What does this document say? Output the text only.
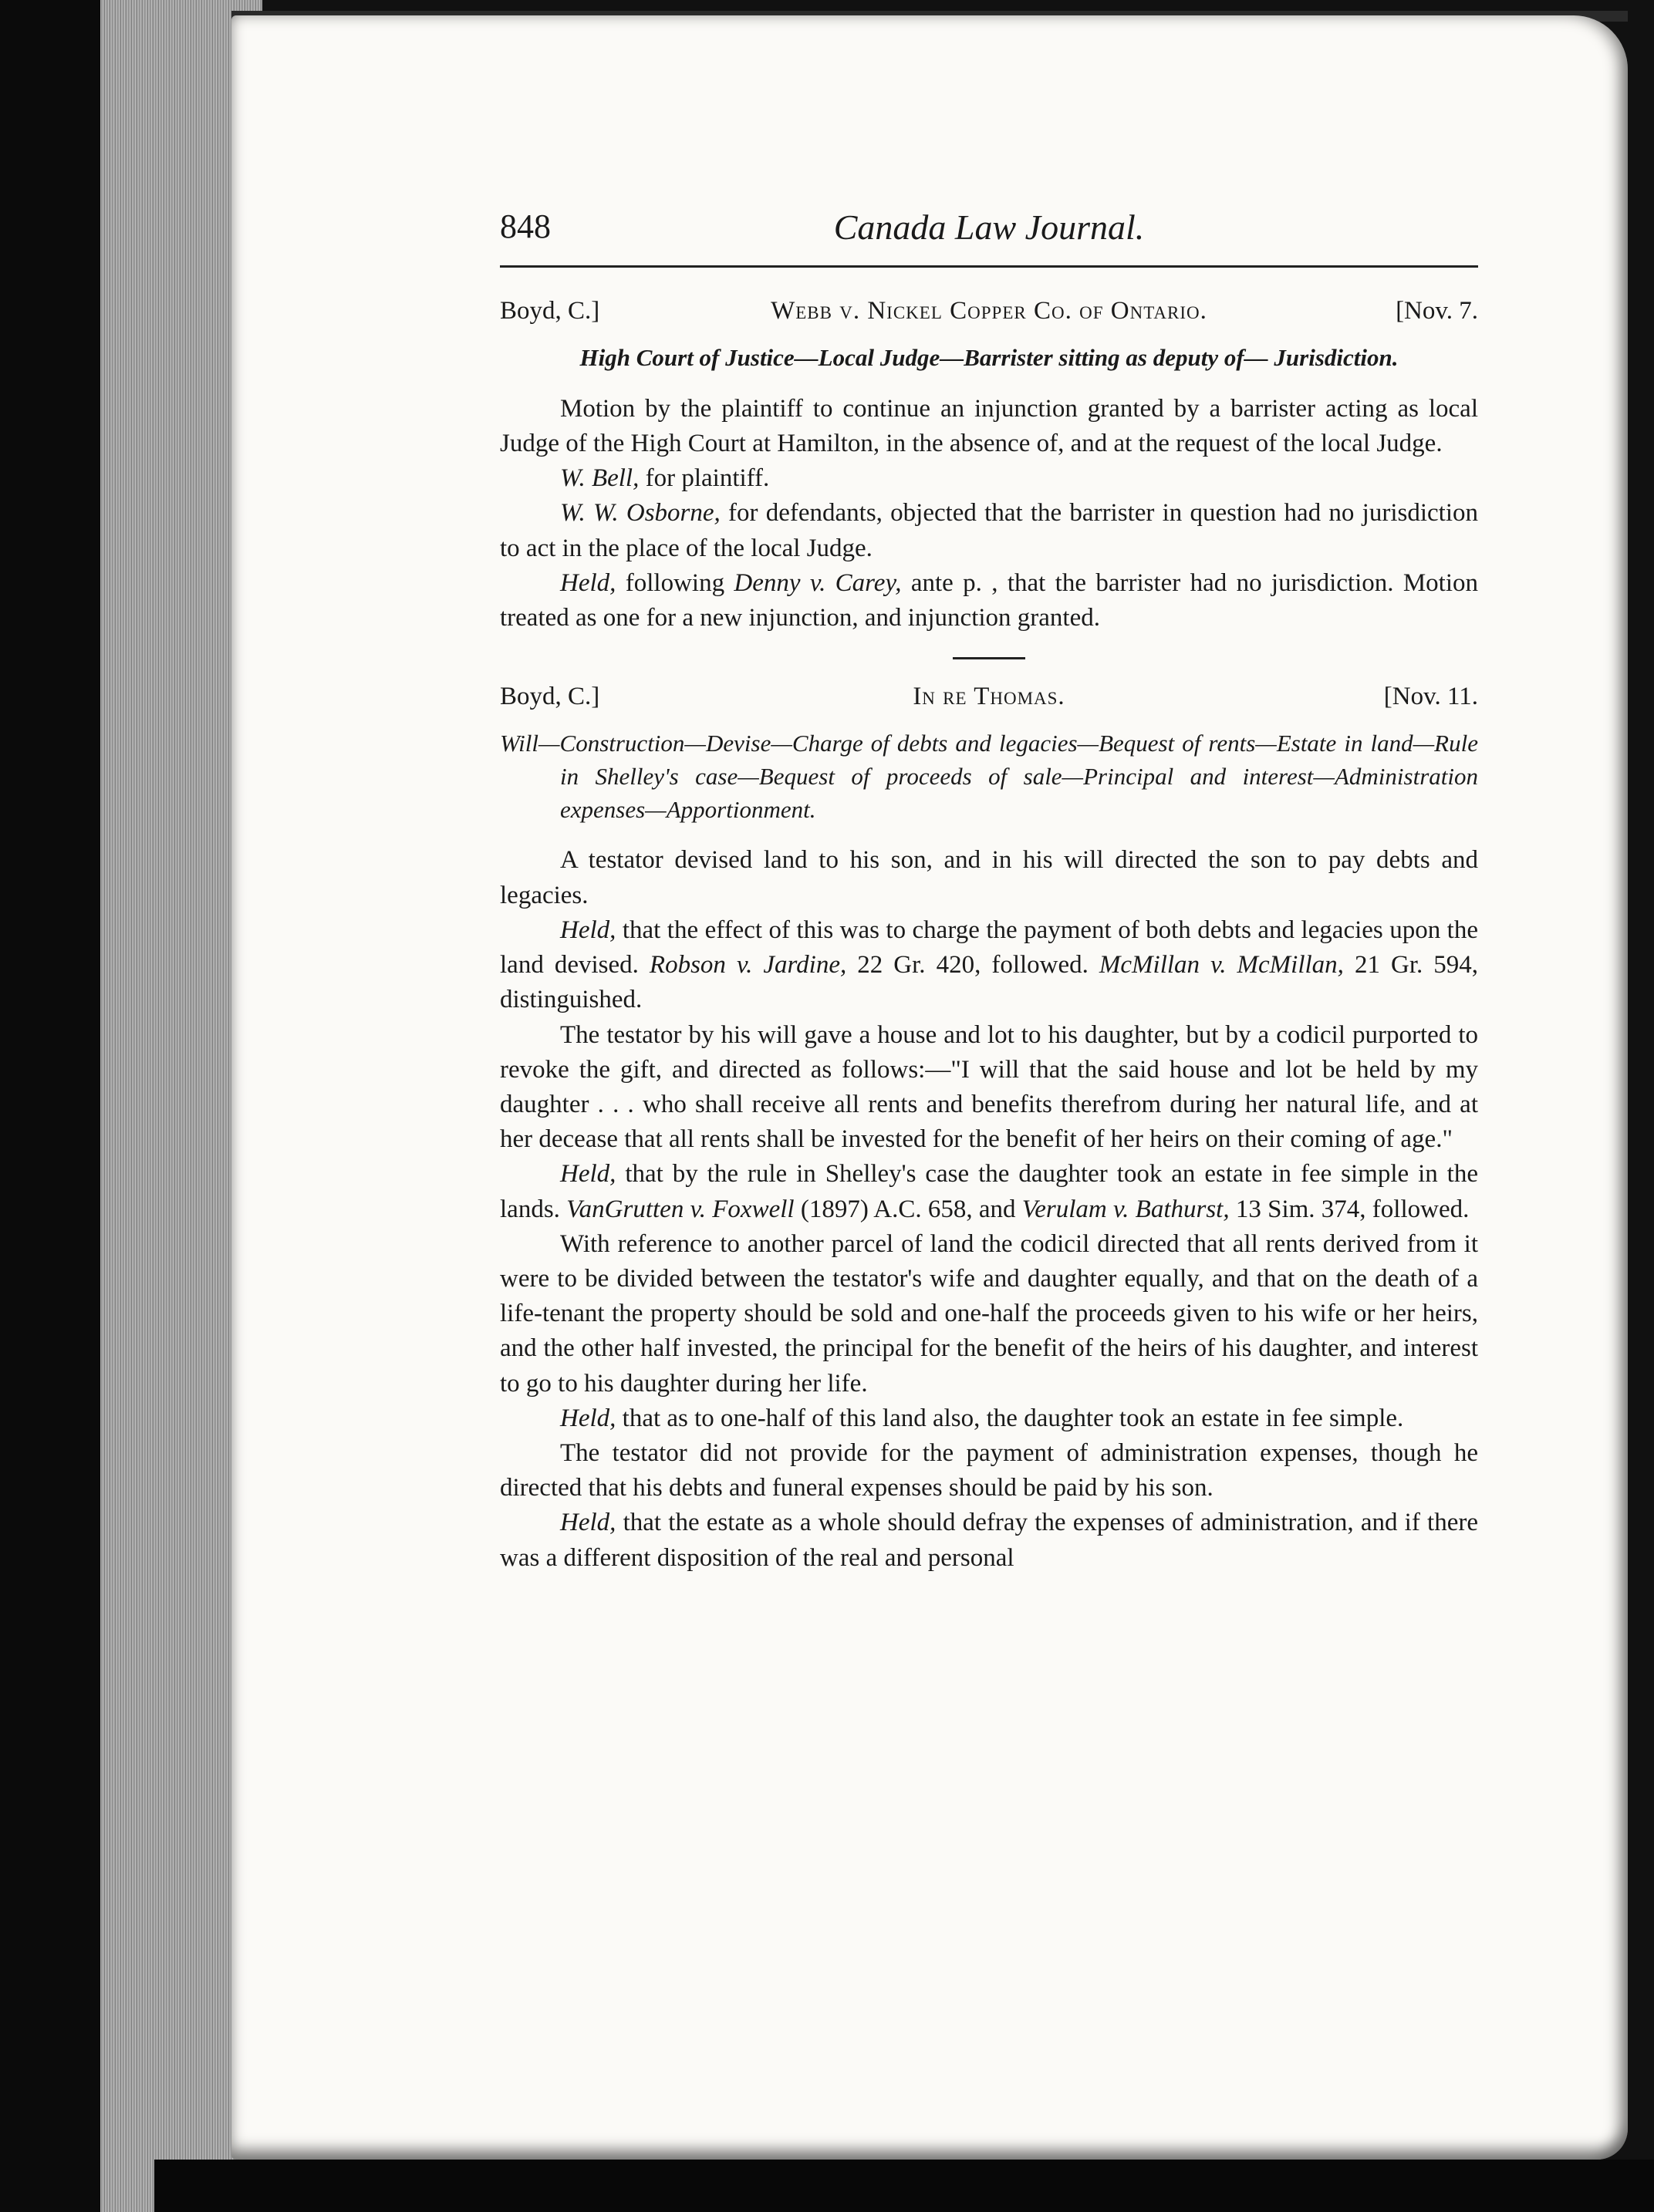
848	Canada Law Journal.
Boyd, C.]	Webb v. Nickel Copper Co. of Ontario.	[Nov. 7.
High Court of Justice—Local Judge—Barrister sitting as deputy of— Jurisdiction.

Motion by the plaintiff to continue an injunction granted by a barrister acting as local Judge of the High Court at Hamilton, in the absence of, and at the request of the local Judge.

W. Bell, for plaintiff.

W. W. Osborne, for defendants, objected that the barrister in question had no jurisdiction to act in the place of the local Judge.

Held, following Denny v. Carey, ante p. , that the barrister had no jurisdiction. Motion treated as one for a new injunction, and injunction granted.

Boyd, C.]	In re Thomas.	[Nov. 11.
Will—Construction—Devise—Charge of debts and legacies—Bequest of rents—Estate in land—Rule in Shelley's case—Bequest of proceeds of sale—Principal and interest—Administration expenses—Apportionment.

A testator devised land to his son, and in his will directed the son to pay debts and legacies.

Held, that the effect of this was to charge the payment of both debts and legacies upon the land devised. Robson v. Jardine, 22 Gr. 420, followed. McMillan v. McMillan, 21 Gr. 594, distinguished.

The testator by his will gave a house and lot to his daughter, but by a codicil purported to revoke the gift, and directed as follows:—"I will that the said house and lot be held by my daughter . . . who shall receive all rents and benefits therefrom during her natural life, and at her decease that all rents shall be invested for the benefit of her heirs on their coming of age."

Held, that by the rule in Shelley's case the daughter took an estate in fee simple in the lands. VanGrutten v. Foxwell (1897) A.C. 658, and Verulam v. Bathurst, 13 Sim. 374, followed.

With reference to another parcel of land the codicil directed that all rents derived from it were to be divided between the testator's wife and daughter equally, and that on the death of a life-tenant the property should be sold and one-half the proceeds given to his wife or her heirs, and the other half invested, the principal for the benefit of the heirs of his daughter, and interest to go to his daughter during her life.

Held, that as to one-half of this land also, the daughter took an estate in fee simple.

The testator did not provide for the payment of administration expenses, though he directed that his debts and funeral expenses should be paid by his son.

Held, that the estate as a whole should defray the expenses of administration, and if there was a different disposition of the real and personal
